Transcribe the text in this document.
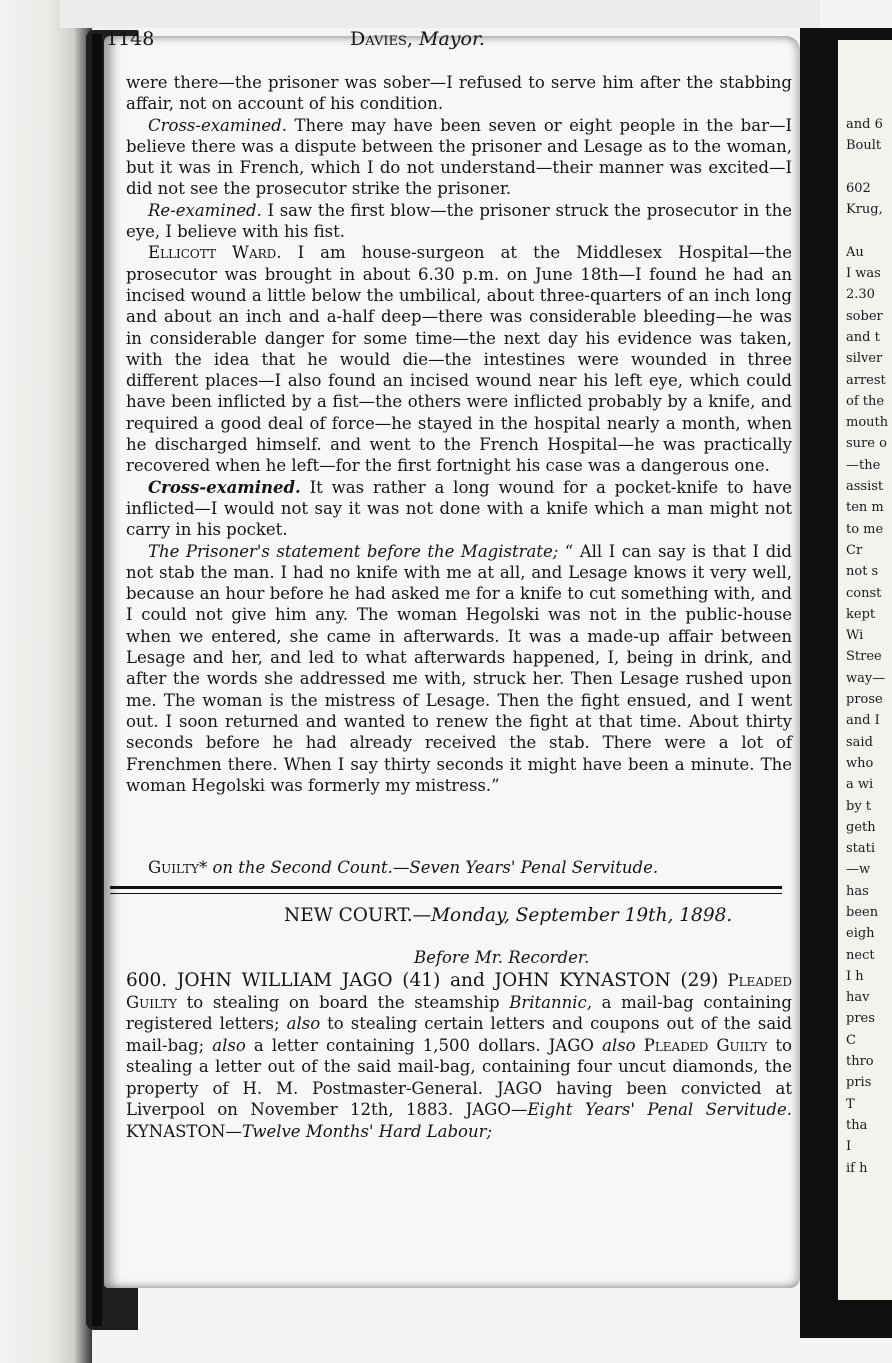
1148	Davies, Mayor.

were there—the prisoner was sober—I refused to serve him after the stabbing affair, not on account of his condition.

Cross-examined. There may have been seven or eight people in the bar—I believe there was a dispute between the prisoner and Lesage as to the woman, but it was in French, which I do not understand—their manner was excited—I did not see the prosecutor strike the prisoner.

Re-examined. I saw the first blow—the prisoner struck the prosecutor in the eye, I believe with his fist.

Ellicott Ward. I am house-surgeon at the Middlesex Hospital—the prosecutor was brought in about 6.30 p.m. on June 18th—I found he had an incised wound a little below the umbilical, about three-quarters of an inch long and about an inch and a-half deep—there was considerable bleeding—he was in considerable danger for some time—the next day his evidence was taken, with the idea that he would die—the intestines were wounded in three different places—I also found an incised wound near his left eye, which could have been inflicted by a fist—the others were inflicted probably by a knife, and required a good deal of force—he stayed in the hospital nearly a month, when he discharged himself. and went to the French Hospital—he was practically recovered when he left—for the first fortnight his case was a dangerous one.

Cross-examined. It was rather a long wound for a pocket-knife to have inflicted—I would not say it was not done with a knife which a man might not carry in his pocket.

The Prisoner's statement before the Magistrate; “ All I can say is that I did not stab the man. I had no knife with me at all, and Lesage knows it very well, because an hour before he had asked me for a knife to cut something with, and I could not give him any. The woman Hegolski was not in the public-house when we entered, she came in afterwards. It was a made-up affair between Lesage and her, and led to what afterwards happened, I, being in drink, and after the words she addressed me with, struck her. Then Lesage rushed upon me. The woman is the mistress of Lesage. Then the fight ensued, and I went out. I soon returned and wanted to renew the fight at that time. About thirty seconds before he had already received the stab. There were a lot of Frenchmen there. When I say thirty seconds it might have been a minute. The woman Hegolski was formerly my mistress.”

Guilty* on the Second Count.—Seven Years' Penal Servitude.
NEW COURT.—Monday, September 19th, 1898.
Before Mr. Recorder.

600. JOHN WILLIAM JAGO (41) and JOHN KYNASTON (29) Pleaded Guilty to stealing on board the steamship Britannic, a mail-bag containing registered letters; also to stealing certain letters and coupons out of the said mail-bag; also a letter containing 1,500 dollars. JAGO also Pleaded Guilty to stealing a letter out of the said mail-bag, containing four uncut diamonds, the property of H. M. Postmaster-General. JAGO having been convicted at Liverpool on November 12th, 1883. JAGO—Eight Years' Penal Servitude. KYNASTON—Twelve Months' Hard Labour;

and 6
Boult
602
Krug,
Au
I was
2.30
sober
and t
silver
arrest
of the
mouth
sure o
—the
assist
ten m
to me
Cr
not s
const
kept
Wi
Stree
way—
prose
and I
said
who
a wi
by t
geth
stati
—w
has
been
eigh
nect
I h
hav
pres
C
thro
pris
T
tha
I
if h
